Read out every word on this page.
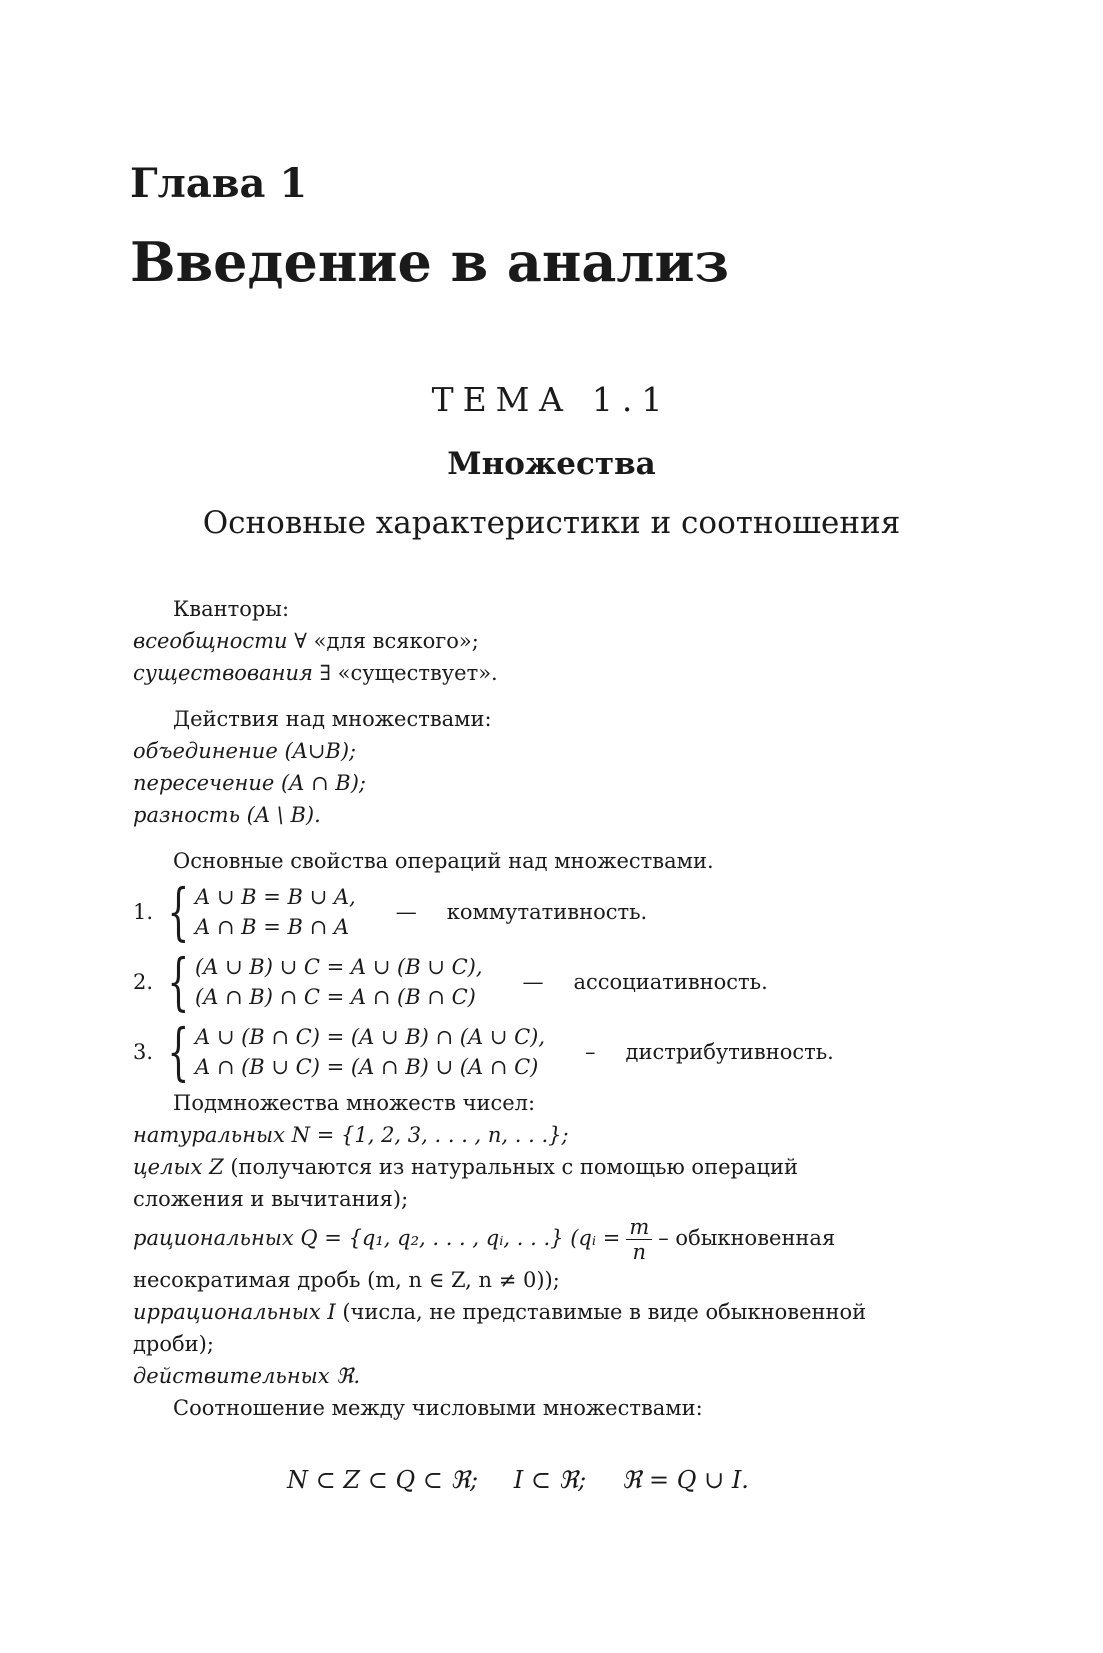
Глава 1
Введение в анализ
ТЕМА 1.1
Множества
Основные характеристики и соотношения
Кванторы:
всеобщности ∀ «для всякого»;
существования ∃ «существует».
Действия над множествами:
объединение (A∪B);
пересечение (A ∩ B);
разность (A \ B).
Основные свойства операций над множествами.
1. { A ∪ B = B ∪ A,
A ∩ B = B ∩ A
— коммутативность.
2. { (A ∪ B) ∪ C = A ∪ (B ∪ C),
(A ∩ B) ∩ C = A ∩ (B ∩ C)
— ассоциативность.
3. { A ∪ (B ∩ C) = (A ∪ B) ∩ (A ∪ C),
A ∩ (B ∪ C) = (A ∩ B) ∪ (A ∩ C)
– дистрибутивность.
Подмножества множеств чисел:
натуральных N = {1, 2, 3, . . . , n, . . .};
целых Z (получаются из натуральных с помощью операций сложения и вычитания);
рациональных Q = {q₁, q₂, . . . , qᵢ, . . .} (qᵢ = $\frac{m}{n}$ – обыкновенная несократимая дробь (m, n ∈ Z, n ≠ 0));
иррациональных I (числа, не представимые в виде обыкновенной дроби);
действительных ℜ.
Соотношение между числовыми множествами:
N ⊂ Z ⊂ Q ⊂ ℜ; I ⊂ ℜ; ℜ = Q ∪ I.
